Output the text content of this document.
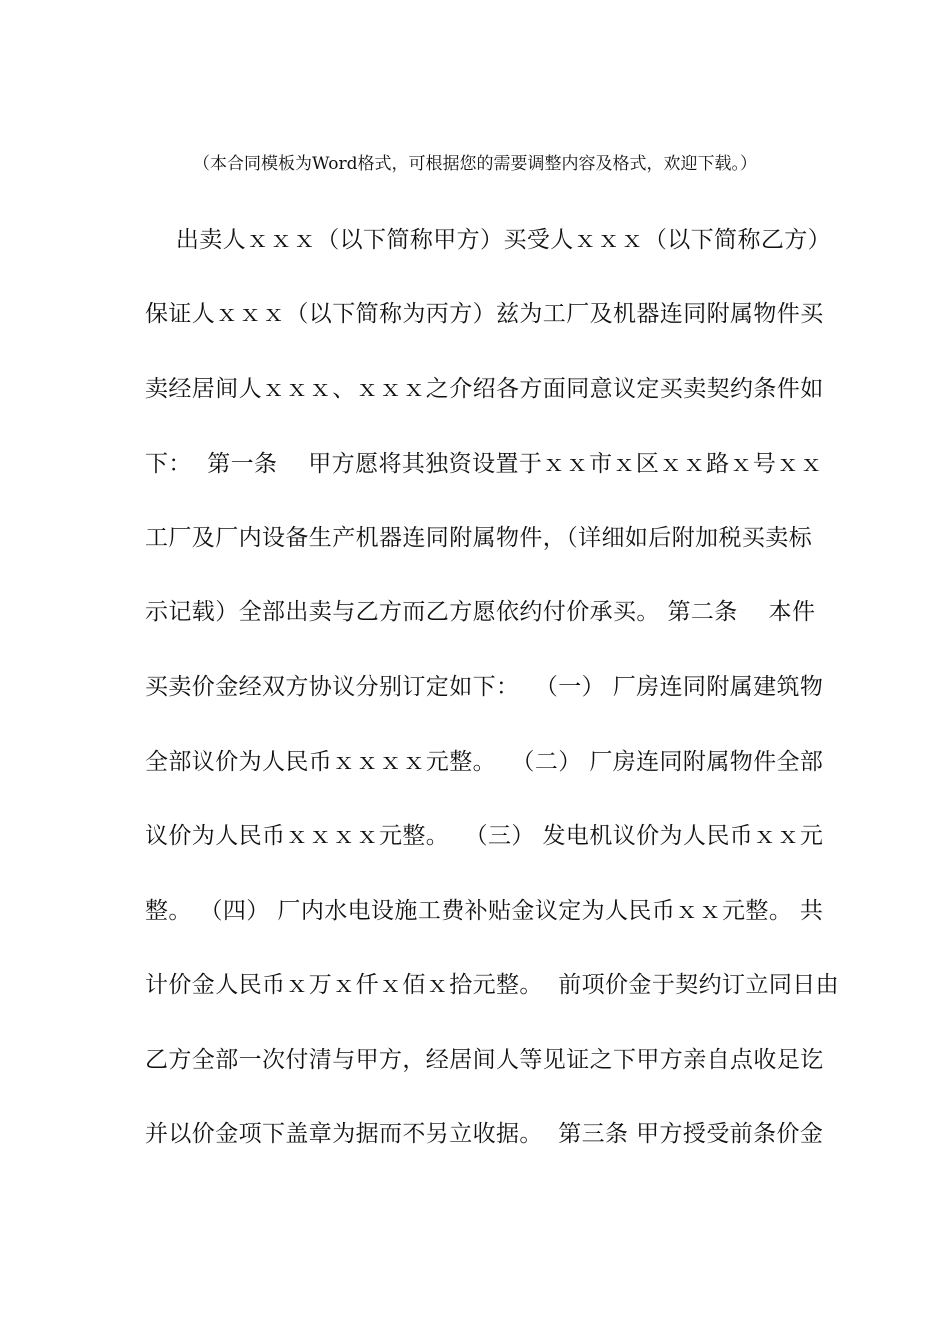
（本合同模板为Word格式，可根据您的需要调整内容及格式，欢迎下载。）
出卖人ｘｘｘ（以下简称甲方）买受人ｘｘｘ（以下简称乙方）
保证人ｘｘｘ（以下简称为丙方）兹为工厂及机器连同附属物件买
卖经居间人ｘｘｘ、ｘｘｘ之介绍各方面同意议定买卖契约条件如
下：  第一条    甲方愿将其独资设置于ｘｘ市ｘ区ｘｘ路ｘ号ｘｘ
工厂及厂内设备生产机器连同附属物件，（详细如后附加税买卖标
示记载）全部出卖与乙方而乙方愿依约付价承买。 第二条    本件
买卖价金经双方协议分别订定如下：  （一） 厂房连同附属建筑物
全部议价为人民币ｘｘｘｘ元整。  （二） 厂房连同附属物件全部
议价为人民币ｘｘｘｘ元整。  （三） 发电机议价为人民币ｘｘ元
整。 （四） 厂内水电设施工费补贴金议定为人民币ｘｘ元整。 共
计价金人民币ｘ万ｘ仟ｘ佰ｘ拾元整。  前项价金于契约订立同日由
乙方全部一次付清与甲方，经居间人等见证之下甲方亲自点收足讫
并以价金项下盖章为据而不另立收据。  第三条 甲方授受前条价金
